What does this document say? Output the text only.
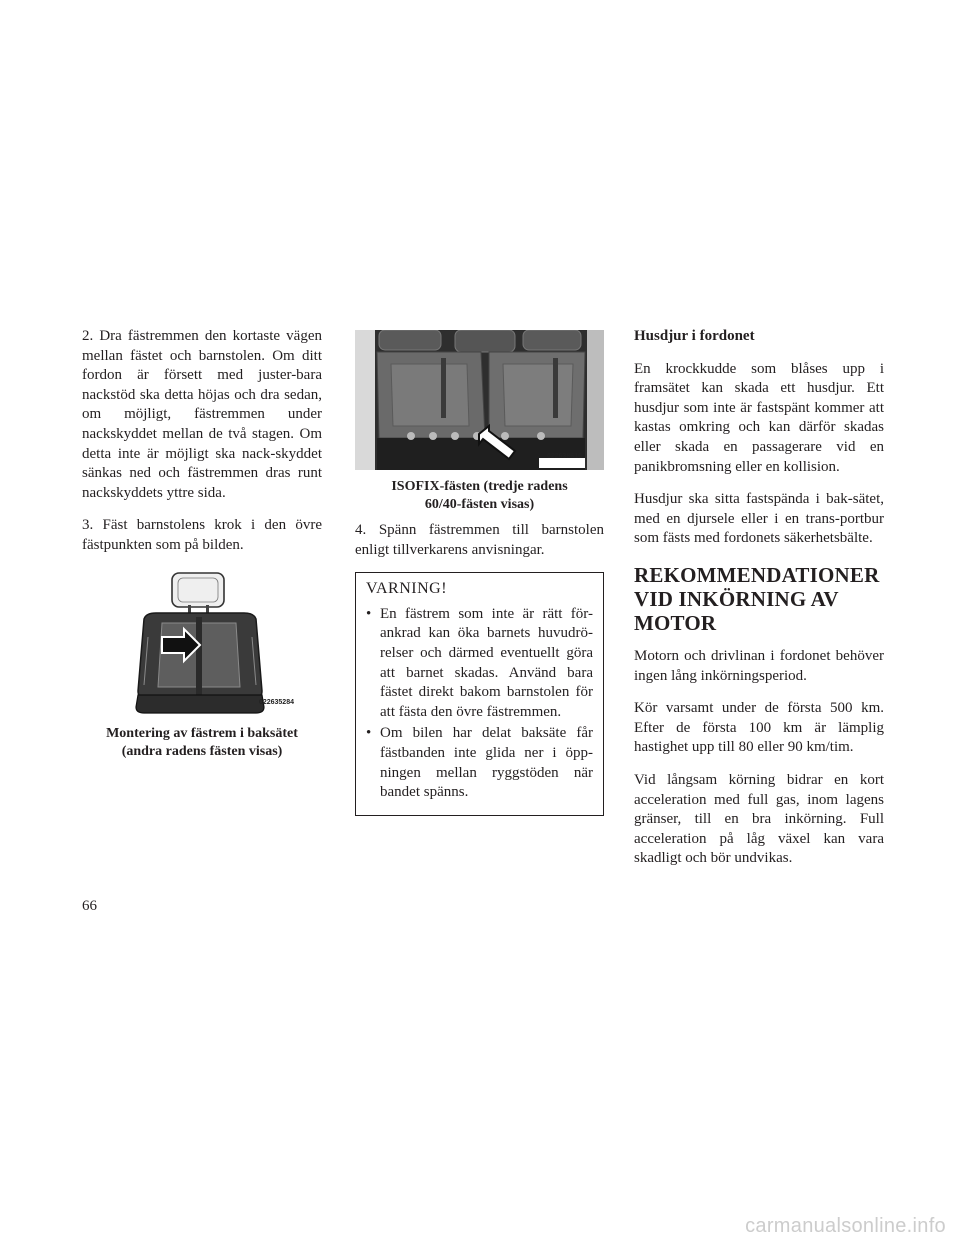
2. Dra fästremmen den kortaste vägen mellan fästet och barnstolen. Om ditt fordon är försett med juster-bara nackstöd ska detta höjas och dra sedan, om möjligt, fästremmen under nackskyddet mellan de två stagen. Om detta inte är möjligt ska nack-skyddet sänkas ned och fästremmen dras runt nackskyddets yttre sida.

3. Fäst barnstolens krok i den övre fästpunkten som på bilden.

022635284
Montering av fästrem i baksätet
(andra radens fästen visas)
022638610
ISOFIX-fästen (tredje radens
60/40-fästen visas)

4. Spänn fästremmen till barnstolen enligt tillverkarens anvisningar.

VARNING!
• En fästrem som inte är rätt för-ankrad kan öka barnets huvudrö-relser och därmed eventuellt göra att barnet skadas. Använd bara fästet direkt bakom barnstolen för att fästa den övre fästremmen.
• Om bilen har delat baksäte får fästbanden inte glida ner i öpp-ningen mellan ryggstöden när bandet spänns.

Husdjur i fordonet

En krockkudde som blåses upp i framsätet kan skada ett husdjur. Ett husdjur som inte är fastspänt kommer att kastas omkring och kan därför skadas eller skada en passagerare vid en panikbromsning eller en kollision.

Husdjur ska sitta fastspända i bak-sätet, med en djursele eller i en trans-portbur som fästs med fordonets säkerhetsbälte.

REKOMMENDATIONER VID INKÖRNING AV MOTOR

Motorn och drivlinan i fordonet behöver ingen lång inkörningsperiod.

Kör varsamt under de första 500 km. Efter de första 100 km är lämplig hastighet upp till 80 eller 90 km/tim.

Vid långsam körning bidrar en kort acceleration med full gas, inom lagens gränser, till en bra inkörning. Full acceleration på låg växel kan vara skadligt och bör undvikas.

66
carmanualsonline.info
